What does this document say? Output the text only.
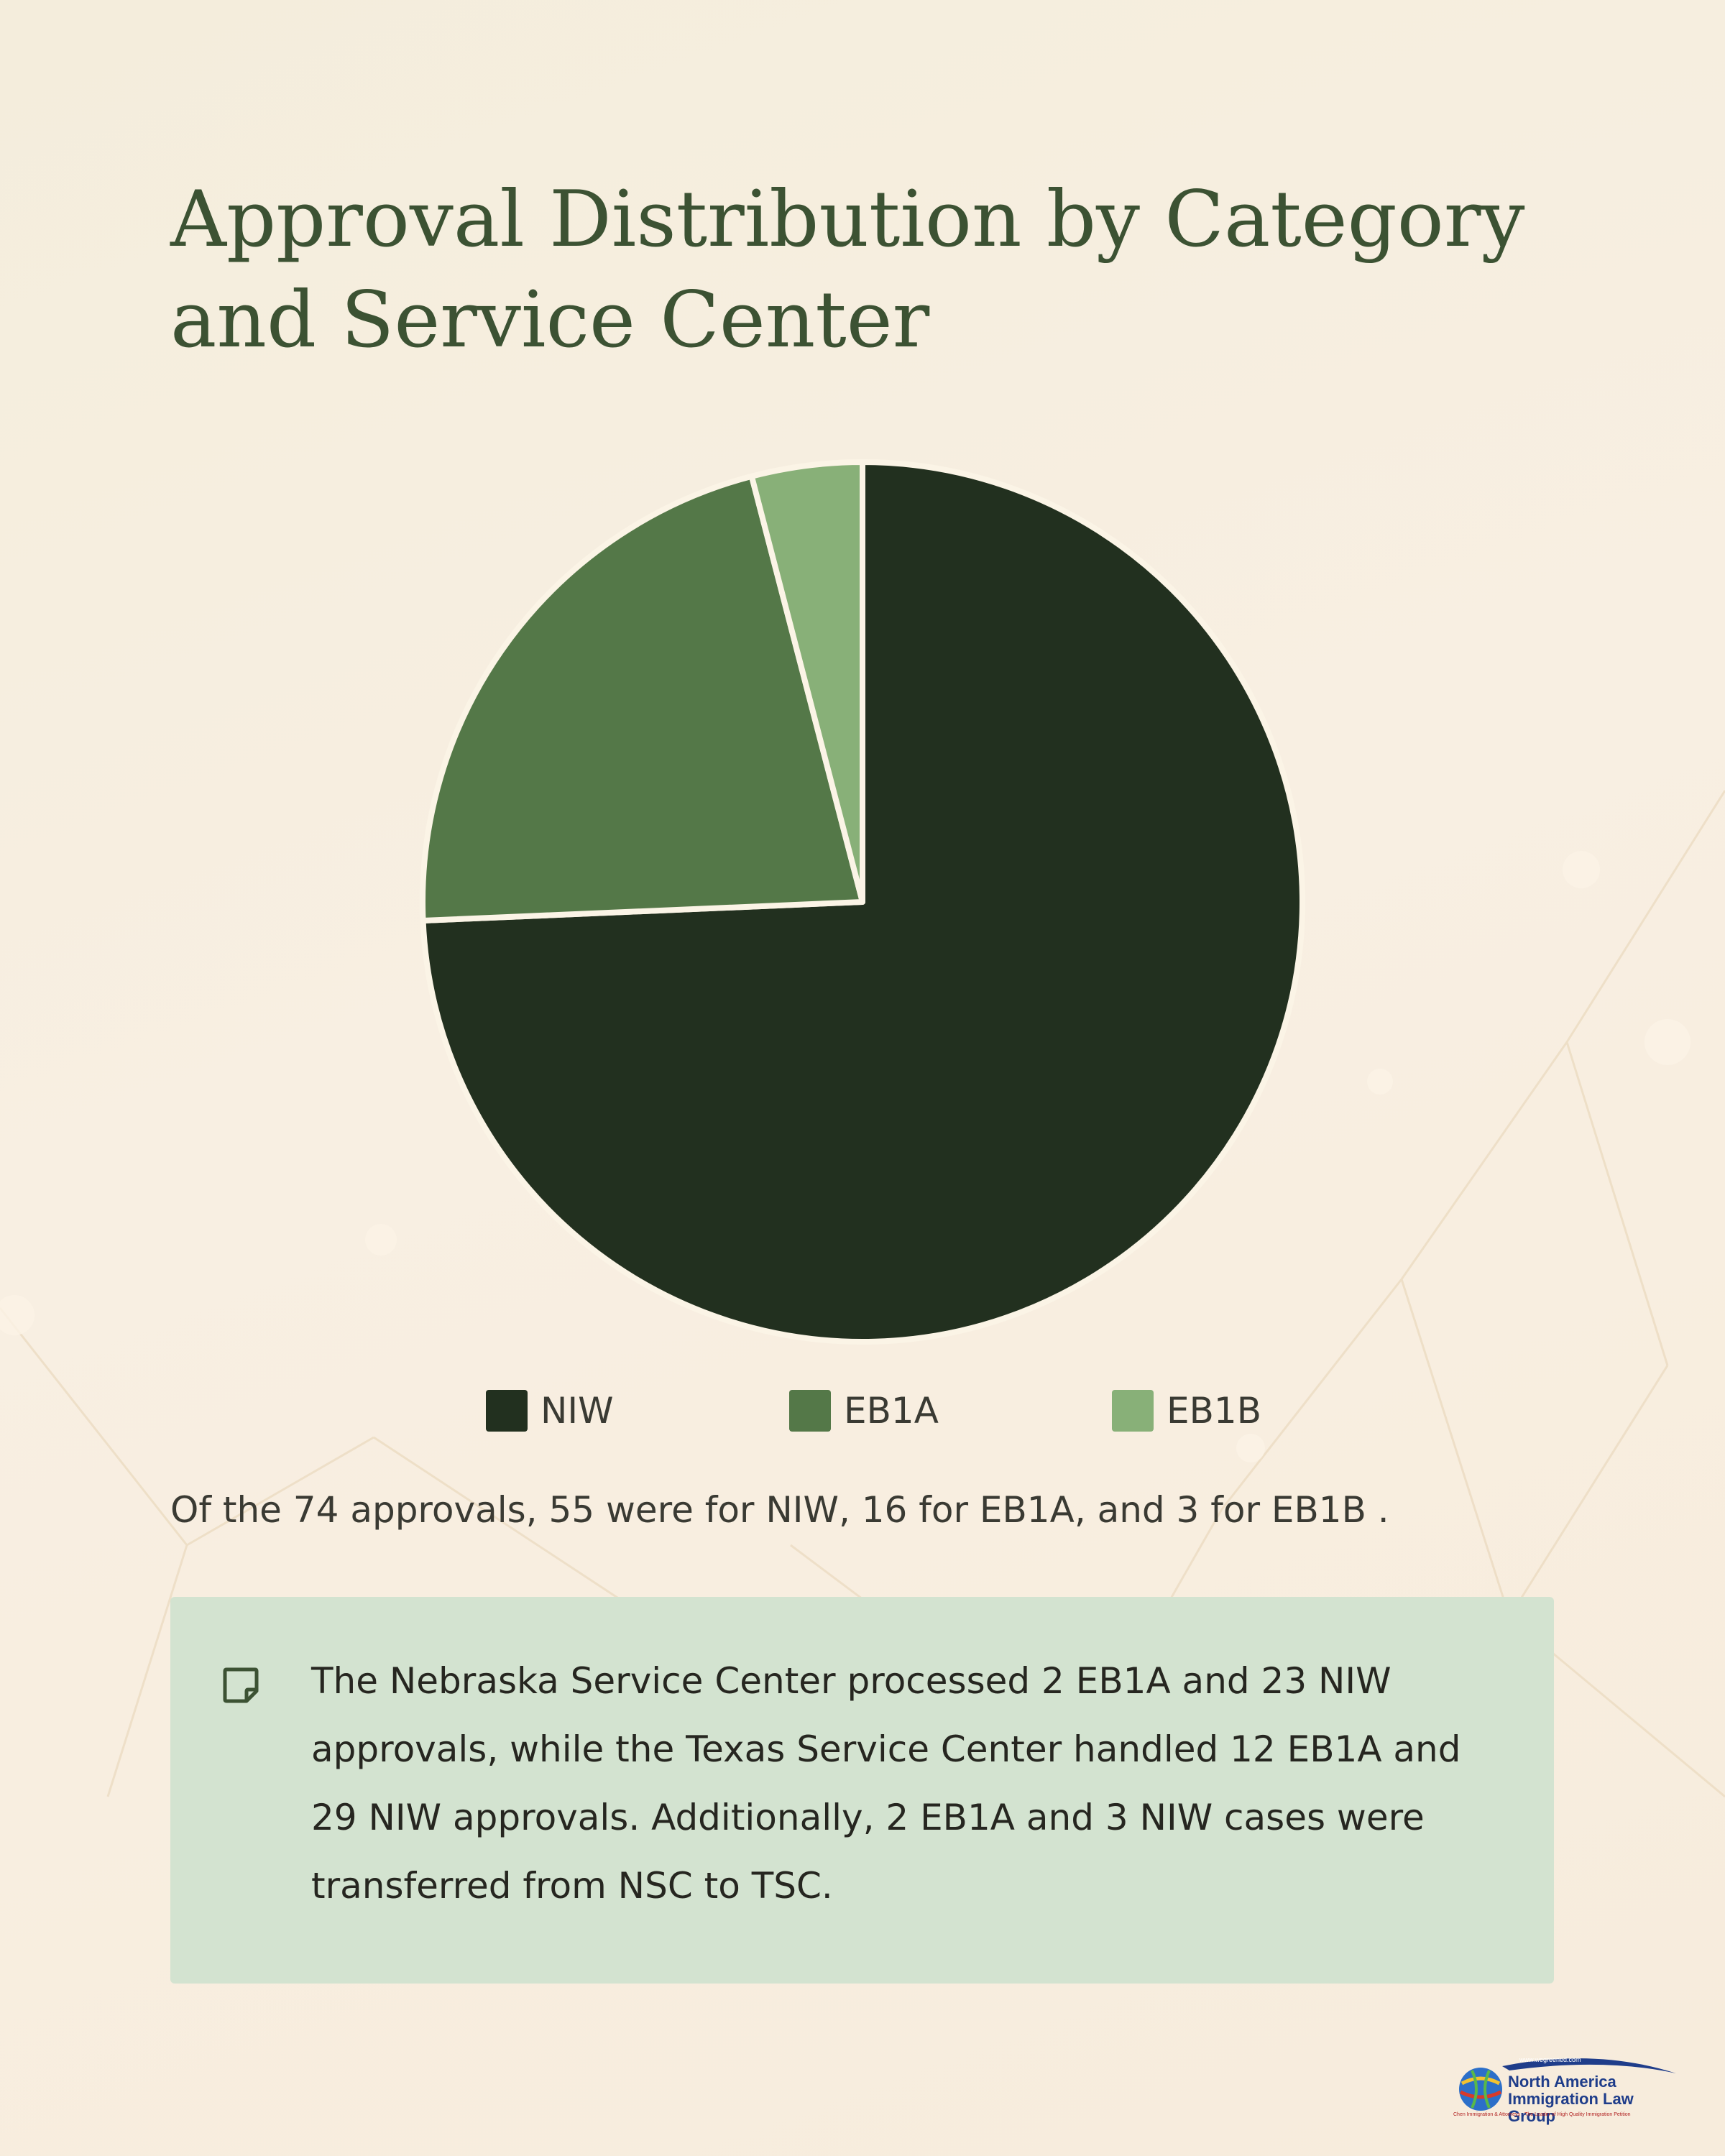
Approval Distribution by Category and Service Center
NIW	EB1A	EB1B

Of the 74 approvals, 55 were for NIW, 16 for EB1A, and 3 for EB1B .

The Nebraska Service Center processed 2 EB1A and 23 NIW approvals, while the Texas Service Center handled 12 EB1A and 29 NIW approvals. Additionally, 2 EB1A and 3 NIW cases were transferred from NSC to TSC.

www.wegreened.com
North America Immigration Law Group
Chen Immigration & Attorneys · The Leader of High Quality Immigration Petition
